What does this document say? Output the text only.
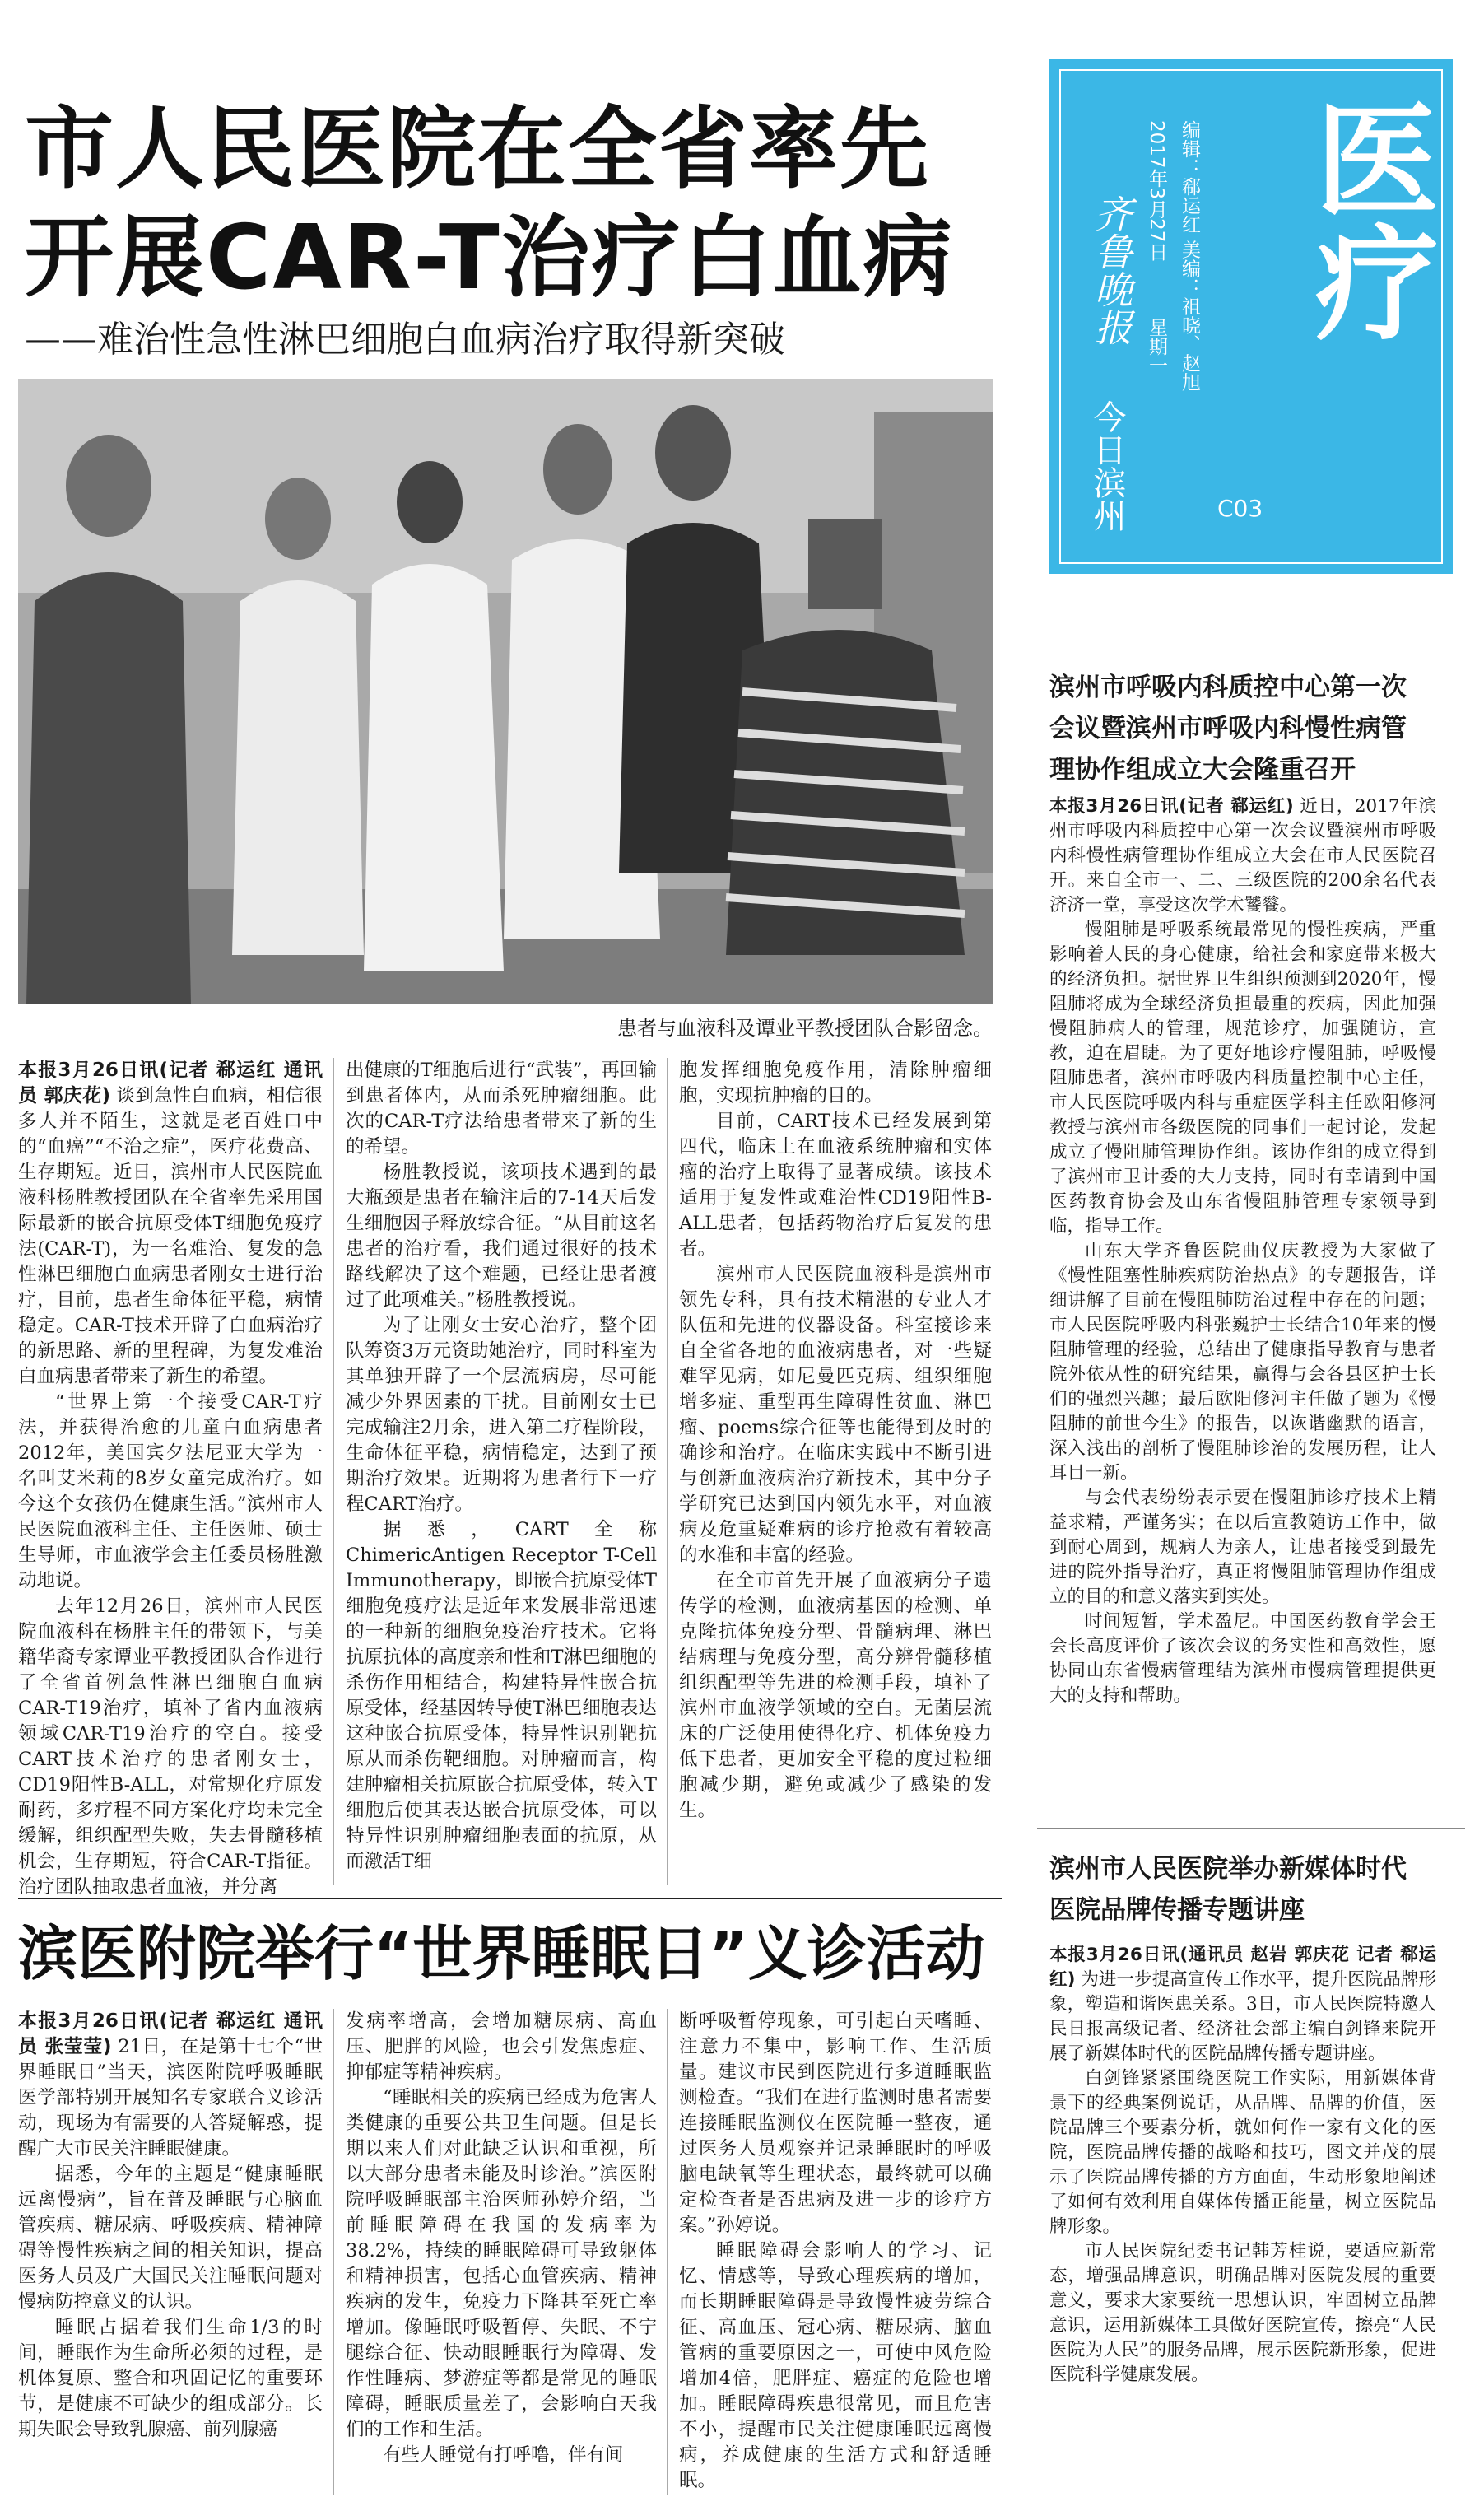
市人民医院在全省率先
开展CAR-T治疗白血病
——难治性急性淋巴细胞白血病治疗取得新突破
患者与血液科及谭业平教授团队合影留念。

本报3月26日讯(记者 郗运红 通讯员 郭庆花) 谈到急性白血病，相信很多人并不陌生，这就是老百姓口中的“血癌”“不治之症”，医疗花费高、生存期短。近日，滨州市人民医院血液科杨胜教授团队在全省率先采用国际最新的嵌合抗原受体T细胞免疫疗法(CAR-T)，为一名难治、复发的急性淋巴细胞白血病患者刚女士进行治疗，目前，患者生命体征平稳，病情稳定。CAR-T技术开辟了白血病治疗的新思路、新的里程碑，为复发难治白血病患者带来了新生的希望。

“世界上第一个接受CAR-T疗法，并获得治愈的儿童白血病患者2012年，美国宾夕法尼亚大学为一名叫艾米莉的8岁女童完成治疗。如今这个女孩仍在健康生活。”滨州市人民医院血液科主任、主任医师、硕士生导师，市血液学会主任委员杨胜激动地说。

去年12月26日，滨州市人民医院血液科在杨胜主任的带领下，与美籍华裔专家谭业平教授团队合作进行了全省首例急性淋巴细胞白血病CAR-T19治疗，填补了省内血液病领域CAR-T19治疗的空白。接受CART技术治疗的患者刚女士，CD19阳性B-ALL，对常规化疗原发耐药，多疗程不同方案化疗均未完全缓解，组织配型失败，失去骨髓移植机会，生存期短，符合CAR-T指征。治疗团队抽取患者血液，并分离

出健康的T细胞后进行“武装”，再回输到患者体内，从而杀死肿瘤细胞。此次的CAR-T疗法给患者带来了新的生的希望。

杨胜教授说，该项技术遇到的最大瓶颈是患者在输注后的7-14天后发生细胞因子释放综合征。“从目前这名患者的治疗看，我们通过很好的技术路线解决了这个难题，已经让患者渡过了此项难关。”杨胜教授说。

为了让刚女士安心治疗，整个团队筹资3万元资助她治疗，同时科室为其单独开辟了一个层流病房，尽可能减少外界因素的干扰。目前刚女士已完成输注2月余，进入第二疗程阶段，生命体征平稳，病情稳定，达到了预期治疗效果。近期将为患者行下一疗程CART治疗。

据悉，CART全称ChimericAntigen Receptor T-Cell Immunotherapy，即嵌合抗原受体T细胞免疫疗法是近年来发展非常迅速的一种新的细胞免疫治疗技术。它将抗原抗体的高度亲和性和T淋巴细胞的杀伤作用相结合，构建特异性嵌合抗原受体，经基因转导使T淋巴细胞表达这种嵌合抗原受体，特异性识别靶抗原从而杀伤靶细胞。对肿瘤而言，构建肿瘤相关抗原嵌合抗原受体，转入T细胞后使其表达嵌合抗原受体，可以特异性识别肿瘤细胞表面的抗原，从而激活T细

胞发挥细胞免疫作用，清除肿瘤细胞，实现抗肿瘤的目的。

目前，CART技术已经发展到第四代，临床上在血液系统肿瘤和实体瘤的治疗上取得了显著成绩。该技术适用于复发性或难治性CD19阳性B-ALL患者，包括药物治疗后复发的患者。

滨州市人民医院血液科是滨州市领先专科，具有技术精湛的专业人才队伍和先进的仪器设备。科室接诊来自全省各地的血液病患者，对一些疑难罕见病，如尼曼匹克病、组织细胞增多症、重型再生障碍性贫血、淋巴瘤、poems综合征等也能得到及时的确诊和治疗。在临床实践中不断引进与创新血液病治疗新技术，其中分子学研究已达到国内领先水平，对血液病及危重疑难病的诊疗抢救有着较高的水准和丰富的经验。

在全市首先开展了血液病分子遗传学的检测，血液病基因的检测、单克隆抗体免疫分型、骨髓病理、淋巴结病理与免疫分型，高分辨骨髓移植组织配型等先进的检测手段，填补了滨州市血液学领域的空白。无菌层流床的广泛使用使得化疗、机体免疫力低下患者，更加安全平稳的度过粒细胞减少期，避免或减少了感染的发生。

滨医附院举行“世界睡眠日”义诊活动

本报3月26日讯(记者 郗运红 通讯员 张莹莹) 21日，在是第十七个“世界睡眠日”当天，滨医附院呼吸睡眠医学部特别开展知名专家联合义诊活动，现场为有需要的人答疑解惑，提醒广大市民关注睡眠健康。

据悉，今年的主题是“健康睡眠远离慢病”，旨在普及睡眠与心脑血管疾病、糖尿病、呼吸疾病、精神障碍等慢性疾病之间的相关知识，提高医务人员及广大国民关注睡眠问题对慢病防控意义的认识。

睡眠占据着我们生命1/3的时间，睡眠作为生命所必须的过程，是机体复原、整合和巩固记忆的重要环节，是健康不可缺少的组成部分。长期失眠会导致乳腺癌、前列腺癌

发病率增高，会增加糖尿病、高血压、肥胖的风险，也会引发焦虑症、抑郁症等精神疾病。

“睡眠相关的疾病已经成为危害人类健康的重要公共卫生问题。但是长期以来人们对此缺乏认识和重视，所以大部分患者未能及时诊治。”滨医附院呼吸睡眠部主治医师孙婷介绍，当前睡眠障碍在我国的发病率为38.2%，持续的睡眠障碍可导致躯体和精神损害，包括心血管疾病、精神疾病的发生，免疫力下降甚至死亡率增加。像睡眠呼吸暂停、失眠、不宁腿综合征、快动眼睡眠行为障碍、发作性睡病、梦游症等都是常见的睡眠障碍，睡眠质量差了，会影响白天我们的工作和生活。

有些人睡觉有打呼噜，伴有间

断呼吸暂停现象，可引起白天嗜睡、注意力不集中，影响工作、生活质量。建议市民到医院进行多道睡眠监测检查。“我们在进行监测时患者需要连接睡眠监测仪在医院睡一整夜，通过医务人员观察并记录睡眠时的呼吸脑电缺氧等生理状态，最终就可以确定检查者是否患病及进一步的诊疗方案。”孙婷说。

睡眠障碍会影响人的学习、记忆、情感等，导致心理疾病的增加，而长期睡眠障碍是导致慢性疲劳综合征、高血压、冠心病、糖尿病、脑血管病的重要原因之一，可使中风危险增加4倍，肥胖症、癌症的危险也增加。睡眠障碍疾患很常见，而且危害不小，提醒市民关注健康睡眠远离慢病，养成健康的生活方式和舒适睡眠。

齐鲁晚报
今日滨州
2017年3月27日
星期一 编辑：郗运红 美编：祖晓、赵旭
C03
医疗
滨州市呼吸内科质控中心第一次会议暨滨州市呼吸内科慢性病管理协作组成立大会隆重召开

本报3月26日讯(记者 郗运红) 近日，2017年滨州市呼吸内科质控中心第一次会议暨滨州市呼吸内科慢性病管理协作组成立大会在市人民医院召开。来自全市一、二、三级医院的200余名代表济济一堂，享受这次学术饕餮。

慢阻肺是呼吸系统最常见的慢性疾病，严重影响着人民的身心健康，给社会和家庭带来极大的经济负担。据世界卫生组织预测到2020年，慢阻肺将成为全球经济负担最重的疾病，因此加强慢阻肺病人的管理，规范诊疗，加强随访，宣教，迫在眉睫。为了更好地诊疗慢阻肺，呼吸慢阻肺患者，滨州市呼吸内科质量控制中心主任，市人民医院呼吸内科与重症医学科主任欧阳修河教授与滨州市各级医院的同事们一起讨论，发起成立了慢阻肺管理协作组。该协作组的成立得到了滨州市卫计委的大力支持，同时有幸请到中国医药教育协会及山东省慢阻肺管理专家领导到临，指导工作。

山东大学齐鲁医院曲仪庆教授为大家做了《慢性阻塞性肺疾病防治热点》的专题报告，详细讲解了目前在慢阻肺防治过程中存在的问题；市人民医院呼吸内科张巍护士长结合10年来的慢阻肺管理的经验，总结出了健康指导教育与患者院外依从性的研究结果，赢得与会各县区护士长们的强烈兴趣；最后欧阳修河主任做了题为《慢阻肺的前世今生》的报告，以诙谐幽默的语言，深入浅出的剖析了慢阻肺诊治的发展历程，让人耳目一新。

与会代表纷纷表示要在慢阻肺诊疗技术上精益求精，严谨务实；在以后宣教随访工作中，做到耐心周到，规病人为亲人，让患者接受到最先进的院外指导治疗，真正将慢阻肺管理协作组成立的目的和意义落实到实处。

时间短暂，学术盈尼。中国医药教育学会王会长高度评价了该次会议的务实性和高效性，愿协同山东省慢病管理结为滨州市慢病管理提供更大的支持和帮助。

滨州市人民医院举办新媒体时代医院品牌传播专题讲座

本报3月26日讯(通讯员 赵岩 郭庆花 记者 郗运红) 为进一步提高宣传工作水平，提升医院品牌形象，塑造和谐医患关系。3日，市人民医院特邀人民日报高级记者、经济社会部主编白剑锋来院开展了新媒体时代的医院品牌传播专题讲座。

白剑锋紧紧围绕医院工作实际，用新媒体背景下的经典案例说话，从品牌、品牌的价值，医院品牌三个要素分析，就如何作一家有文化的医院，医院品牌传播的战略和技巧，图文并茂的展示了医院品牌传播的方方面面，生动形象地阐述了如何有效利用自媒体传播正能量，树立医院品牌形象。

市人民医院纪委书记韩芳桂说，要适应新常态，增强品牌意识，明确品牌对医院发展的重要意义，要求大家要统一思想认识，牢固树立品牌意识，运用新媒体工具做好医院宣传，擦亮“人民医院为人民”的服务品牌，展示医院新形象，促进医院科学健康发展。
